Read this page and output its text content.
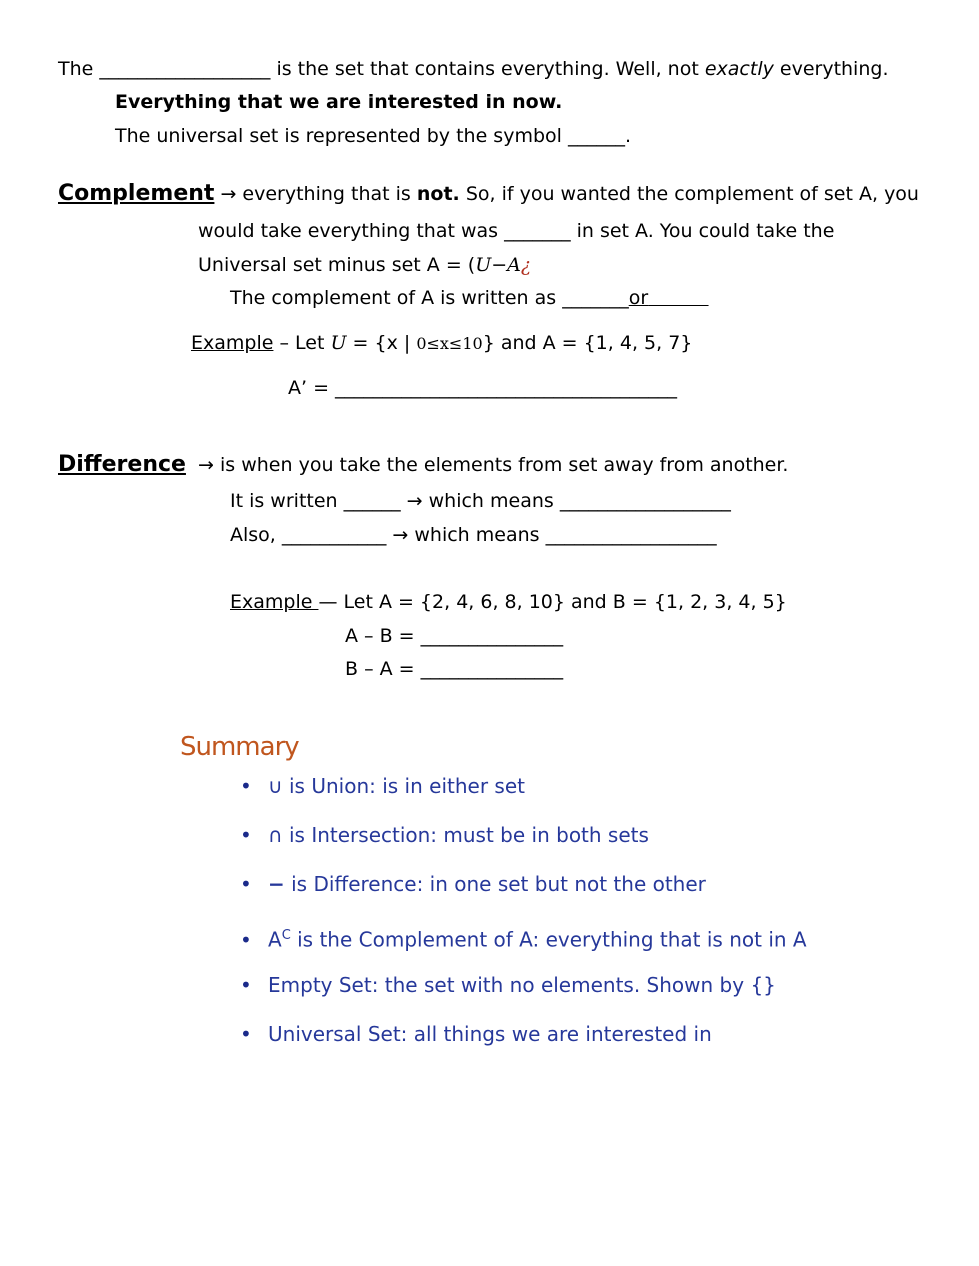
The __________________ is the set that contains everything. Well, not exactly everything.
Everything that we are interested in now.
The universal set is represented by the symbol ______.
Complement → everything that is not. So, if you wanted the complement of set A, you
would take everything that was _______ in set A. You could take the
Universal set minus set A = (U−A¿
The complement of A is written as _______or
Example – Let U = {x | 0≤x≤10} and A = {1, 4, 5, 7}
A’ = ____________________________________
Difference → is when you take the elements from set away from another.
It is written ______ → which means __________________
Also, ___________ → which means __________________
Example — Let A = {2, 4, 6, 8, 10} and B = {1, 2, 3, 4, 5}
A – B = _______________
B – A = _______________
Summary
• ∪ is Union: is in either set
• ∩ is Intersection: must be in both sets
• − is Difference: in one set but not the other
• $A^C$ is the Complement of A: everything that is not in A
• Empty Set: the set with no elements. Shown by {}
• Universal Set: all things we are interested in
